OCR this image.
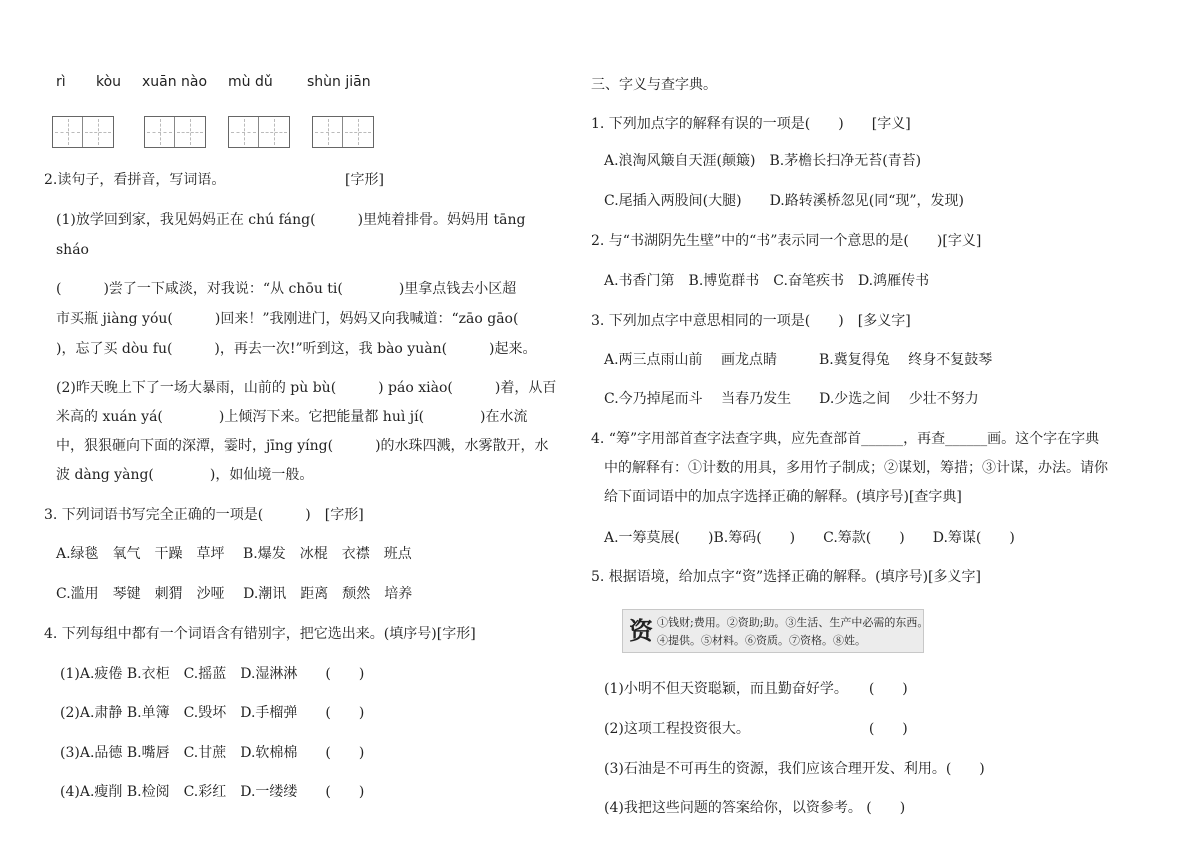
rì kòu xuān nào mù dǔ shùn jiān
2.读句子，看拼音，写词语。	[字形]
(1)放学回到家，我见妈妈正在 chú fáng(　　　)里炖着排骨。妈妈用 tāng
sháo
(　　　)尝了一下咸淡，对我说：“从 chōu ti(　　　　)里拿点钱去小区超
市买瓶 jiàng yóu(　　　)回来！”我刚进门，妈妈又向我喊道：“zāo gāo(
)，忘了买 dòu fu(　　　)，再去一次!”听到这，我 bào yuàn(　　　)起来。
(2)昨天晚上下了一场大暴雨，山前的 pù bù(　　　) páo xiào(　　　)着，从百
米高的 xuán yá(　　　　)上倾泻下来。它把能量都 huì jí(　　　　)在水流
中，狠狠砸向下面的深潭，霎时，jīng yíng(　　　)的水珠四溅，水雾散开，水
波 dàng yàng(　　　　)，如仙境一般。
3. 下列词语书写完全正确的一项是(　　　)　[字形]
A.绿毯　氧气　干躁　草坪　 B.爆发　冰棍　衣襟　班点
C.滥用　琴键　刺猬　沙哑　 D.潮讯　距离　颓然　培养
4. 下列每组中都有一个词语含有错别字，把它选出来。(填序号)[字形]
(1)A.疲倦 B.衣柜　C.摇蓝　D.湿淋淋　　(　　)
(2)A.肃静 B.单簿　C.毁坏　D.手榴弹　　(　　)
(3)A.品德 B.嘴唇　C.甘蔗　D.软棉棉　　(　　)
(4)A.瘦削 B.检阅　C.彩红　D.一缕缕　　(　　)
三、字义与查字典。
1. 下列加点字的解释有误的一项是(　　)　　[字义]
A.浪淘风簸自天涯(颠簸)　B.茅檐长扫净无苔(青苔)
C.尾插入两股间(大腿)　　D.路转溪桥忽见(同“现”，发现)
2. 与“书湖阴先生壁”中的“书”表示同一个意思的是(　　)[字义]
A.书香门第　B.博览群书　C.奋笔疾书　D.鸿雁传书
3. 下列加点字中意思相同的一项是(　　)　[多义字]
A.两三点雨山前　 画龙点睛　　　B.冀复得兔　 终身不复鼓琴
C.今乃掉尾而斗　 当春乃发生　　D.少选之间　 少壮不努力
4. “筹”字用部首查字法查字典，应先查部首______，再查______画。这个字在字典
中的解释有：①计数的用具，多用竹子制成；②谋划，筹措；③计谋，办法。请你
给下面词语中的加点字选择正确的解释。(填序号)[查字典]
A.一筹莫展(　　)B.筹码(　　)　　C.筹款(　　)　　D.筹谋(　　)
5. 根据语境，给加点字“资”选择正确的解释。(填序号)[多义字]
资 ①钱财;费用。②资助;助。③生活、生产中必需的东西。
④提供。⑤材料。⑥资质。⑦资格。⑧姓。
(1)小明不但天资聪颖，而且勤奋好学。　　(　　)
(2)这项工程投资很大。　　　　　　　　　(　　)
(3)石油是不可再生的资源，我们应该合理开发、利用。(　　)
(4)我把这些问题的答案给你，以资参考。 (　　)
